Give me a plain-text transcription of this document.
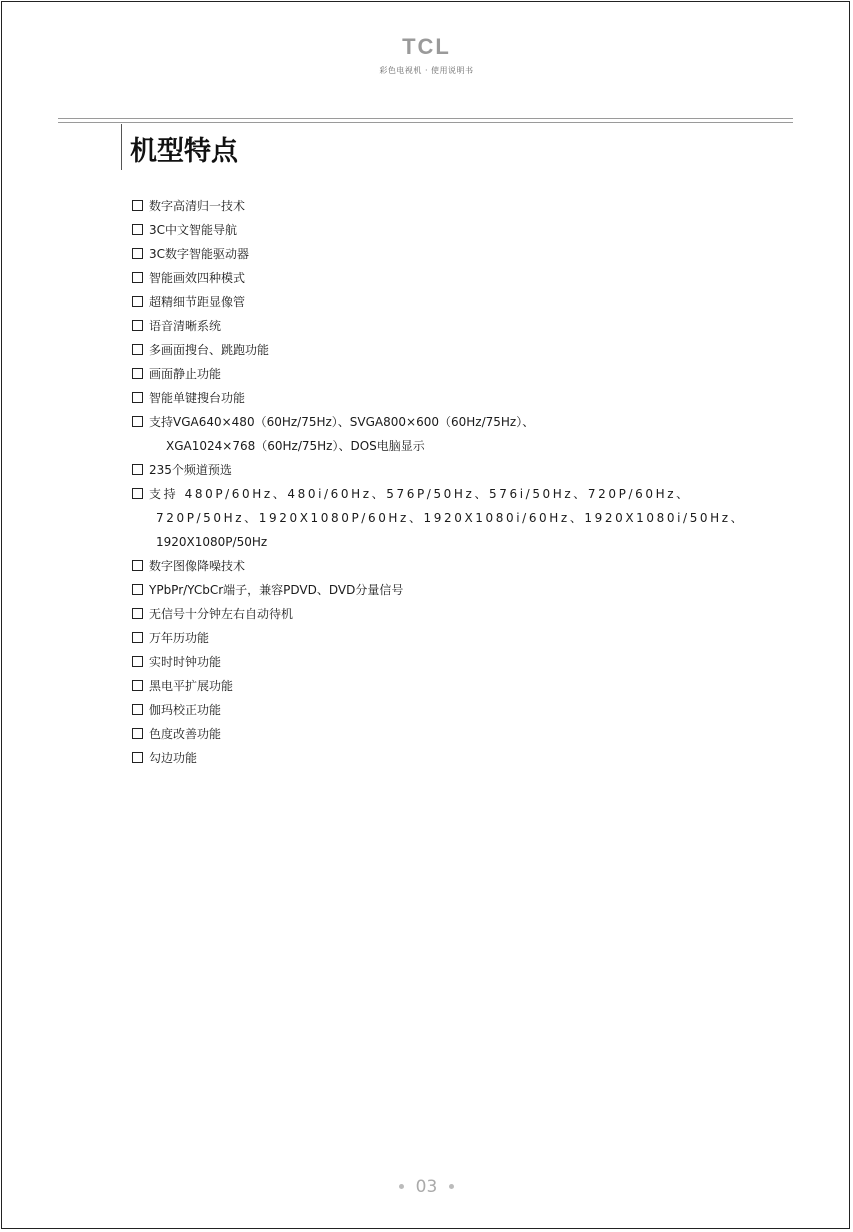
TCL
彩色电视机 · 使用说明书
机型特点
数字高清归一技术
3C中文智能导航
3C数字智能驱动器
智能画效四种模式
超精细节距显像管
语音清晰系统
多画面搜台、跳跑功能
画面静止功能
智能单键搜台功能
支持VGA640×480（60Hz/75Hz）、SVGA800×600（60Hz/75Hz）、
XGA1024×768（60Hz/75Hz）、DOS电脑显示
235个频道预选
支持 480P/60Hz、480i/60Hz、576P/50Hz、576i/50Hz、720P/60Hz、
720P/50Hz、1920X1080P/60Hz、1920X1080i/60Hz、1920X1080i/50Hz、
1920X1080P/50Hz
数字图像降噪技术
YPbPr/YCbCr端子，兼容PDVD、DVD分量信号
无信号十分钟左右自动待机
万年历功能
实时时钟功能
黑电平扩展功能
伽玛校正功能
色度改善功能
勾边功能
03
